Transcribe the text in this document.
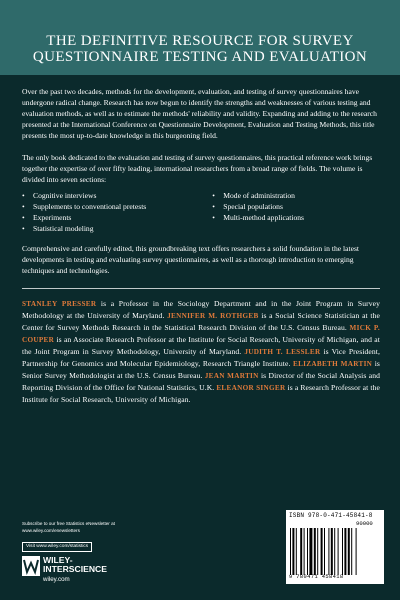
THE DEFINITIVE RESOURCE FOR SURVEY
QUESTIONNAIRE TESTING AND EVALUATION

Over the past two decades, methods for the development, evaluation, and testing of survey questionnaires have undergone radical change. Research has now begun to identify the strengths and weaknesses of various testing and evaluation methods, as well as to estimate the methods' reliability and validity. Expanding and adding to the research presented at the International Conference on Questionnaire Development, Evaluation and Testing Methods, this title presents the most up-to-date knowledge in this burgeoning field.

The only book dedicated to the evaluation and testing of survey questionnaires, this practical reference work brings together the expertise of over fifty leading, international researchers from a broad range of fields. The volume is divided into seven sections:

• Cognitive interviews
• Supplements to conventional pretests
• Experiments
• Statistical modeling
• Mode of administration
• Special populations
• Multi-method applications

Comprehensive and carefully edited, this groundbreaking text offers researchers a solid foundation in the latest developments in testing and evaluating survey questionnaires, as well as a thorough introduction to emerging techniques and technologies.

STANLEY PRESSER is a Professor in the Sociology Department and in the Joint Program in Survey Methodology at the University of Maryland. JENNIFER M. ROTHGEB is a Social Science Statistician at the Center for Survey Methods Research in the Statistical Research Division of the U.S. Census Bureau. MICK P. COUPER is an Associate Research Professor at the Institute for Social Research, University of Michigan, and at the Joint Program in Survey Methodology, University of Maryland. JUDITH T. LESSLER is Vice President, Partnership for Genomics and Molecular Epidemiology, Research Triangle Institute. ELIZABETH MARTIN is Senior Survey Methodologist at the U.S. Census Bureau. JEAN MARTIN is Director of the Social Analysis and Reporting Division of the Office for National Statistics, U.K. ELEANOR SINGER is a Research Professor at the Institute for Social Research, University of Michigan.
Subscribe to our free Statistics eNewsletter at
www.wiley.com/enewsletters
Visit www.wiley.com/statistics
WILEY-
INTERSCIENCE
wiley.com
ISBN 978-0-471-45841-8
90000
9 780471 458418
